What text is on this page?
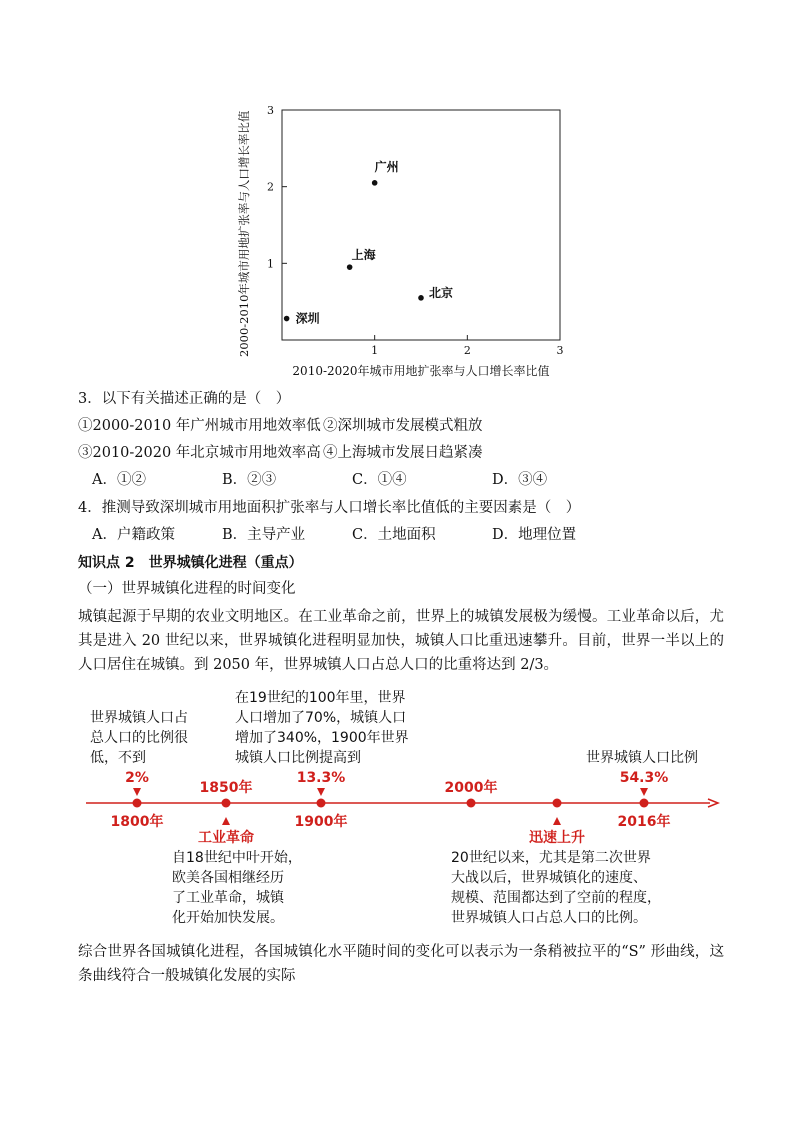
2000-2010年城市用地扩张率与人口增长率比值 1
2
3
1	2	3
广州
上海
北京
深圳
2010-2020年城市用地扩张率与人口增长率比值
3．以下有关描述正确的是（　）
①2000-2010 年广州城市用地效率低 ②深圳城市发展模式粗放
③2010-2020 年北京城市用地效率高 ④上海城市发展日趋紧凑
A．①②	B．②③	C．①④	D．③④
4．推测导致深圳城市用地面积扩张率与人口增长率比值低的主要因素是（　）
A．户籍政策	B．主导产业	C．土地面积	D．地理位置
知识点 2　世界城镇化进程（重点）
（一）世界城镇化进程的时间变化
城镇起源于早期的农业文明地区。在工业革命之前，世界上的城镇发展极为缓慢。工业革命以后，尤其是进入 20 世纪以来，世界城镇化进程明显加快，城镇人口比重迅速攀升。目前，世界一半以上的人口居住在城镇。到 2050 年，世界城镇人口占总人口的比重将达到 2/3。
世界城镇人口占
总人口的比例很
低，不到
2%
在19世纪的100年里，世界
人口增加了70%，城镇人口
增加了340%，1900年世界
城镇人口比例提高到
13.3%
世界城镇人口比例
54.3%
1850年	2000年
1800年	1900年	2016年
工业革命	迅速上升
自18世纪中叶开始，
欧美各国相继经历
了工业革命，城镇
化开始加快发展。
20世纪以来，尤其是第二次世界
大战以后，世界城镇化的速度、
规模、范围都达到了空前的程度，
世界城镇人口占总人口的比例。
综合世界各国城镇化进程，各国城镇化水平随时间的变化可以表示为一条稍被拉平的“S” 形曲线，这条曲线符合一般城镇化发展的实际
